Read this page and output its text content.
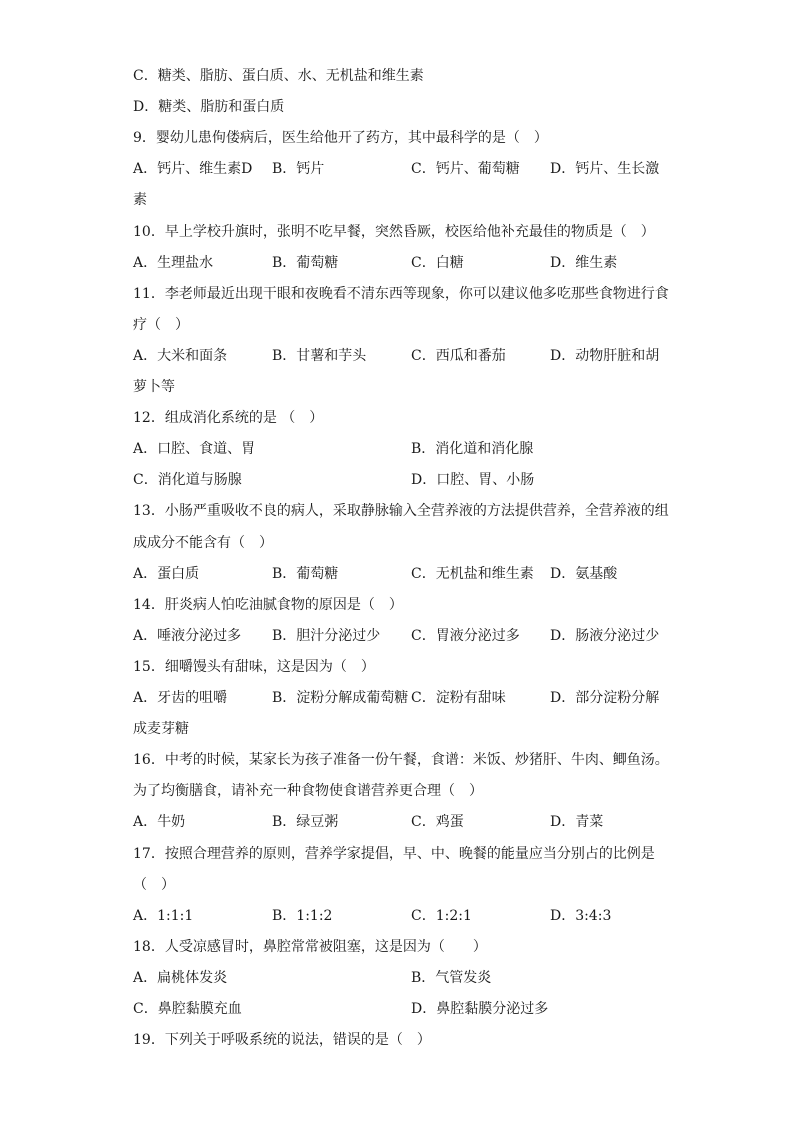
C．糖类、脂肪、蛋白质、水、无机盐和维生素
D．糖类、脂肪和蛋白质
9．婴幼儿患佝偻病后，医生给他开了药方，其中最科学的是（　）
A．钙片、维生素D	B．钙片	C．钙片、葡萄糖	D．钙片、生长激
素
10．早上学校升旗时，张明不吃早餐，突然昏厥，校医给他补充最佳的物质是（　）
A．生理盐水	B．葡萄糖	C．白糖	D．维生素
11．李老师最近出现干眼和夜晚看不清东西等现象，你可以建议他多吃那些食物进行食
疗（　）
A．大米和面条	B．甘薯和芋头	C．西瓜和番茄	D．动物肝脏和胡
萝卜等
12．组成消化系统的是 （　）
A．口腔、食道、胃	B．消化道和消化腺
C．消化道与肠腺	D．口腔、胃、小肠
13．小肠严重吸收不良的病人，采取静脉输入全营养液的方法提供营养，全营养液的组
成成分不能含有（　）
A．蛋白质	B．葡萄糖	C．无机盐和维生素	D．氨基酸
14．肝炎病人怕吃油腻食物的原因是（　）
A．唾液分泌过多	B．胆汁分泌过少	C．胃液分泌过多	D．肠液分泌过少
15．细嚼馒头有甜味，这是因为（　）
A．牙齿的咀嚼	B．淀粉分解成葡萄糖 C．淀粉有甜味	D．部分淀粉分解
成麦芽糖
16．中考的时候，某家长为孩子准备一份午餐，食谱：米饭、炒猪肝、牛肉、鲫鱼汤。
为了均衡膳食，请补充一种食物使食谱营养更合理（　）
A．牛奶	B．绿豆粥	C．鸡蛋	D．青菜
17．按照合理营养的原则，营养学家提倡，早、中、晚餐的能量应当分别占的比例是
（　）
A．1:1:1	B．1:1:2	C．1:2:1	D．3:4:3
18．人受凉感冒时，鼻腔常常被阻塞，这是因为（　　）
A．扁桃体发炎	B．气管发炎
C．鼻腔黏膜充血	D．鼻腔黏膜分泌过多
19．下列关于呼吸系统的说法，错误的是（　）
